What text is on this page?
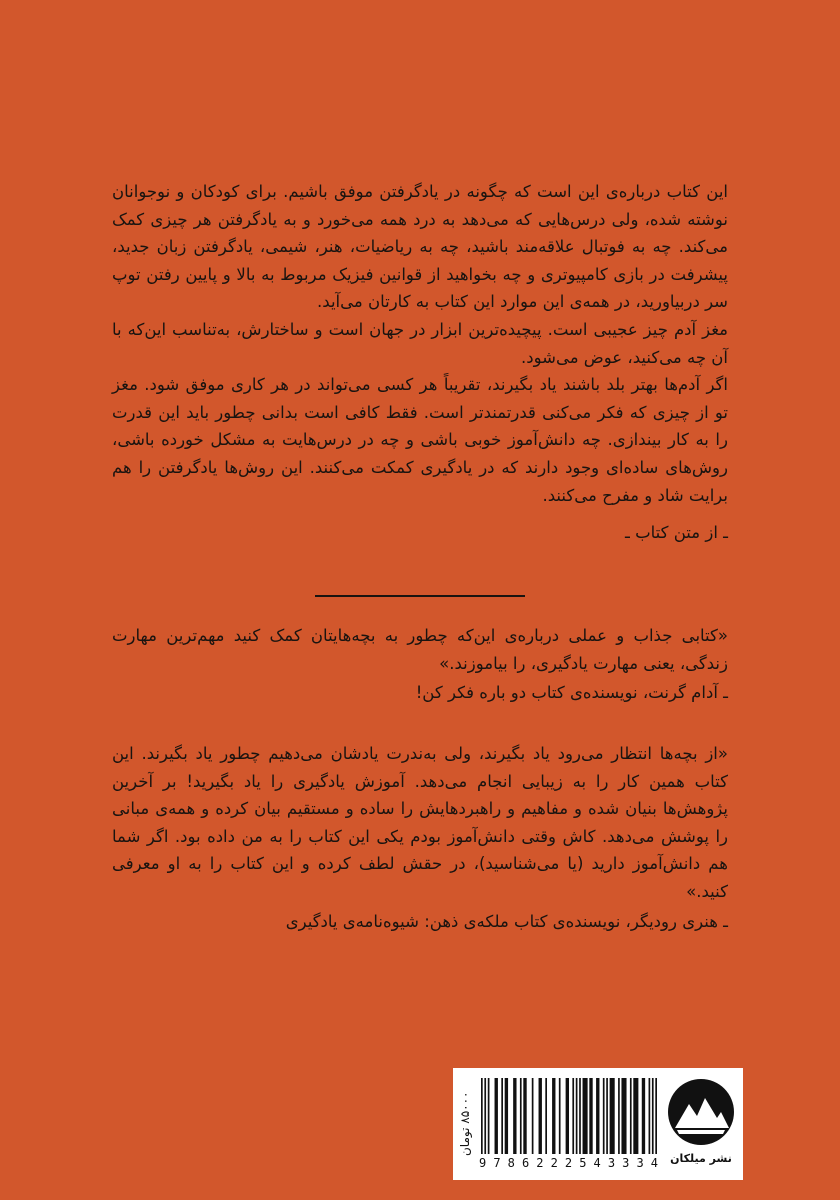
این کتاب درباره‌ی این است که چگونه در یادگرفتن موفق باشیم. برای کودکان و نوجوانان نوشته شده، ولی درس‌هایی که می‌دهد به درد همه می‌خورد و به یادگرفتن هر چیزی کمک می‌کند. چه به فوتبال علاقه‌مند باشید، چه به ریاضیات، هنر، شیمی، یادگرفتن زبان جدید، پیشرفت در بازی کامپیوتری و چه بخواهید از قوانین فیزیک مربوط به بالا و پایین رفتن توپ سر دربیاورید، در همه‌ی این موارد این کتاب به کارتان می‌آید.

مغز آدم چیز عجیبی است. پیچیده‌ترین ابزار در جهان است و ساختارش، به‌تناسب این‌که با آن چه می‌کنید، عوض می‌شود.

اگر آدم‌ها بهتر بلد باشند یاد بگیرند، تقریباً هر کسی می‌تواند در هر کاری موفق شود. مغز تو از چیزی که فکر می‌کنی قدرتمندتر است. فقط کافی است بدانی چطور باید این قدرت را به کار بیندازی. چه دانش‌آموز خوبی باشی و چه در درس‌هایت به مشکل خورده باشی، روش‌های ساده‌ای وجود دارند که در یادگیری کمکت می‌کنند. این روش‌ها یادگرفتن را هم برایت شاد و مفرح می‌کنند.

ـ از متن کتاب ـ

«کتابی جذاب و عملی درباره‌ی این‌که چطور به بچه‌هایتان کمک کنید مهم‌ترین مهارت زندگی، یعنی مهارت یادگیری، را بیاموزند.»

ـ آدام گرنت، نویسنده‌ی کتاب دو باره فکر کن!

«از بچه‌ها انتظار می‌رود یاد بگیرند، ولی به‌ندرت یادشان می‌دهیم چطور یاد بگیرند. این کتاب همین کار را به زیبایی انجام می‌دهد. آموزش یادگیری را یاد بگیرید! بر آخرین پژوهش‌ها بنیان شده و مفاهیم و راهبردهایش را ساده و مستقیم بیان کرده و همه‌ی مبانی را پوشش می‌دهد. کاش وقتی دانش‌آموز بودم یکی این کتاب را به من داده بود. اگر شما هم دانش‌آموز دارید (یا می‌شناسید)، در حقش لطف کرده و این کتاب را به او معرفی کنید.»

ـ هنری رودیگر، نویسنده‌ی کتاب ملکه‌ی ذهن: شیوه‌نامه‌ی یادگیری

۸۵۰۰۰ تومان
9 7 8 6 2 2 2 5 4 3 3 3 4	نشر میلکان
